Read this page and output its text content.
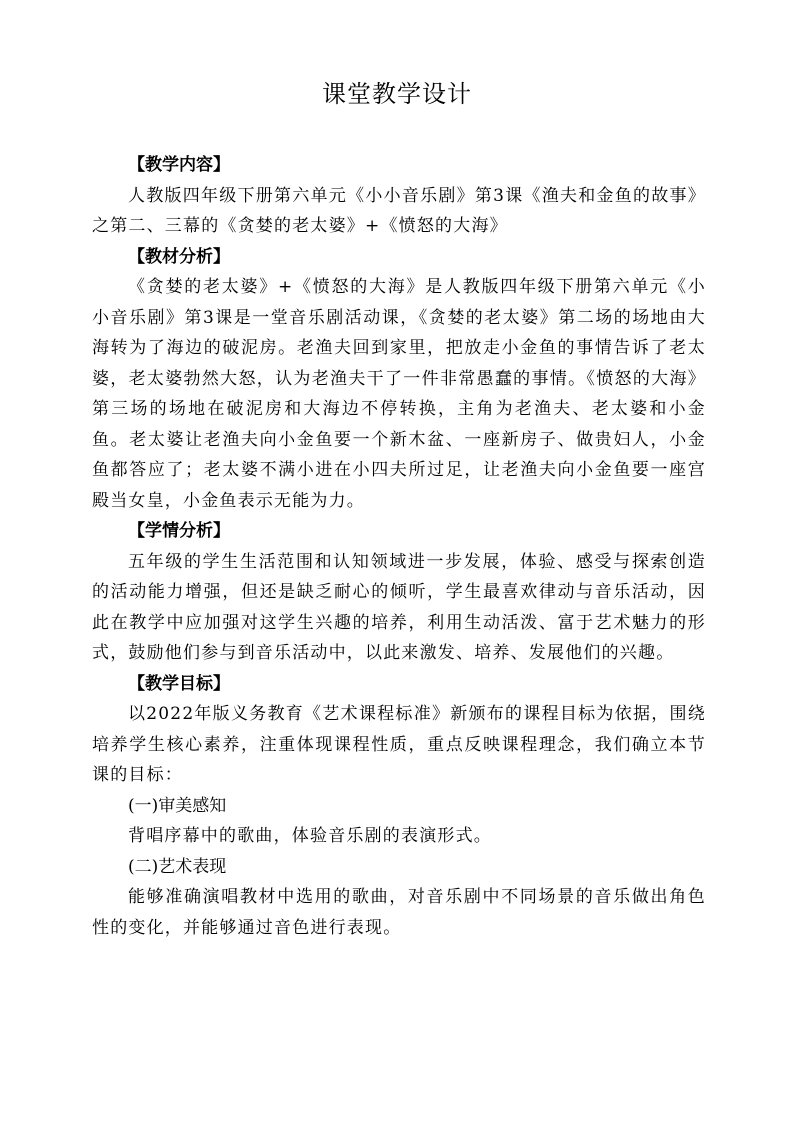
课堂教学设计

【教学内容】

人教版四年级下册第六单元《小小音乐剧》第3课《渔夫和金鱼的故事》之第二、三幕的《贪婪的老太婆》+《愤怒的大海》

【教材分析】

《贪婪的老太婆》+《愤怒的大海》是人教版四年级下册第六单元《小小音乐剧》第3课是一堂音乐剧活动课，《贪婪的老太婆》第二场的场地由大海转为了海边的破泥房。老渔夫回到家里，把放走小金鱼的事情告诉了老太婆，老太婆勃然大怒，认为老渔夫干了一件非常愚蠢的事情。《愤怒的大海》第三场的场地在破泥房和大海边不停转换，主角为老渔夫、老太婆和小金鱼。老太婆让老渔夫向小金鱼要一个新木盆、一座新房子、做贵妇人，小金鱼都答应了；老太婆不满小进在小四夫所过足，让老渔夫向小金鱼要一座宫殿当女皇，小金鱼表示无能为力。

【学情分析】

五年级的学生生活范围和认知领域进一步发展，体验、感受与探索创造的活动能力增强，但还是缺乏耐心的倾听，学生最喜欢律动与音乐活动，因此在教学中应加强对这学生兴趣的培养，利用生动活泼、富于艺术魅力的形式，鼓励他们参与到音乐活动中，以此来激发、培养、发展他们的兴趣。

【教学目标】

以2022年版义务教育《艺术课程标准》新颁布的课程目标为依据，围绕培养学生核心素养，注重体现课程性质，重点反映课程理念，我们确立本节课的目标：

(一)审美感知

背唱序幕中的歌曲，体验音乐剧的表演形式。

(二)艺术表现

能够准确演唱教材中选用的歌曲，对音乐剧中不同场景的音乐做出角色性的变化，并能够通过音色进行表现。
